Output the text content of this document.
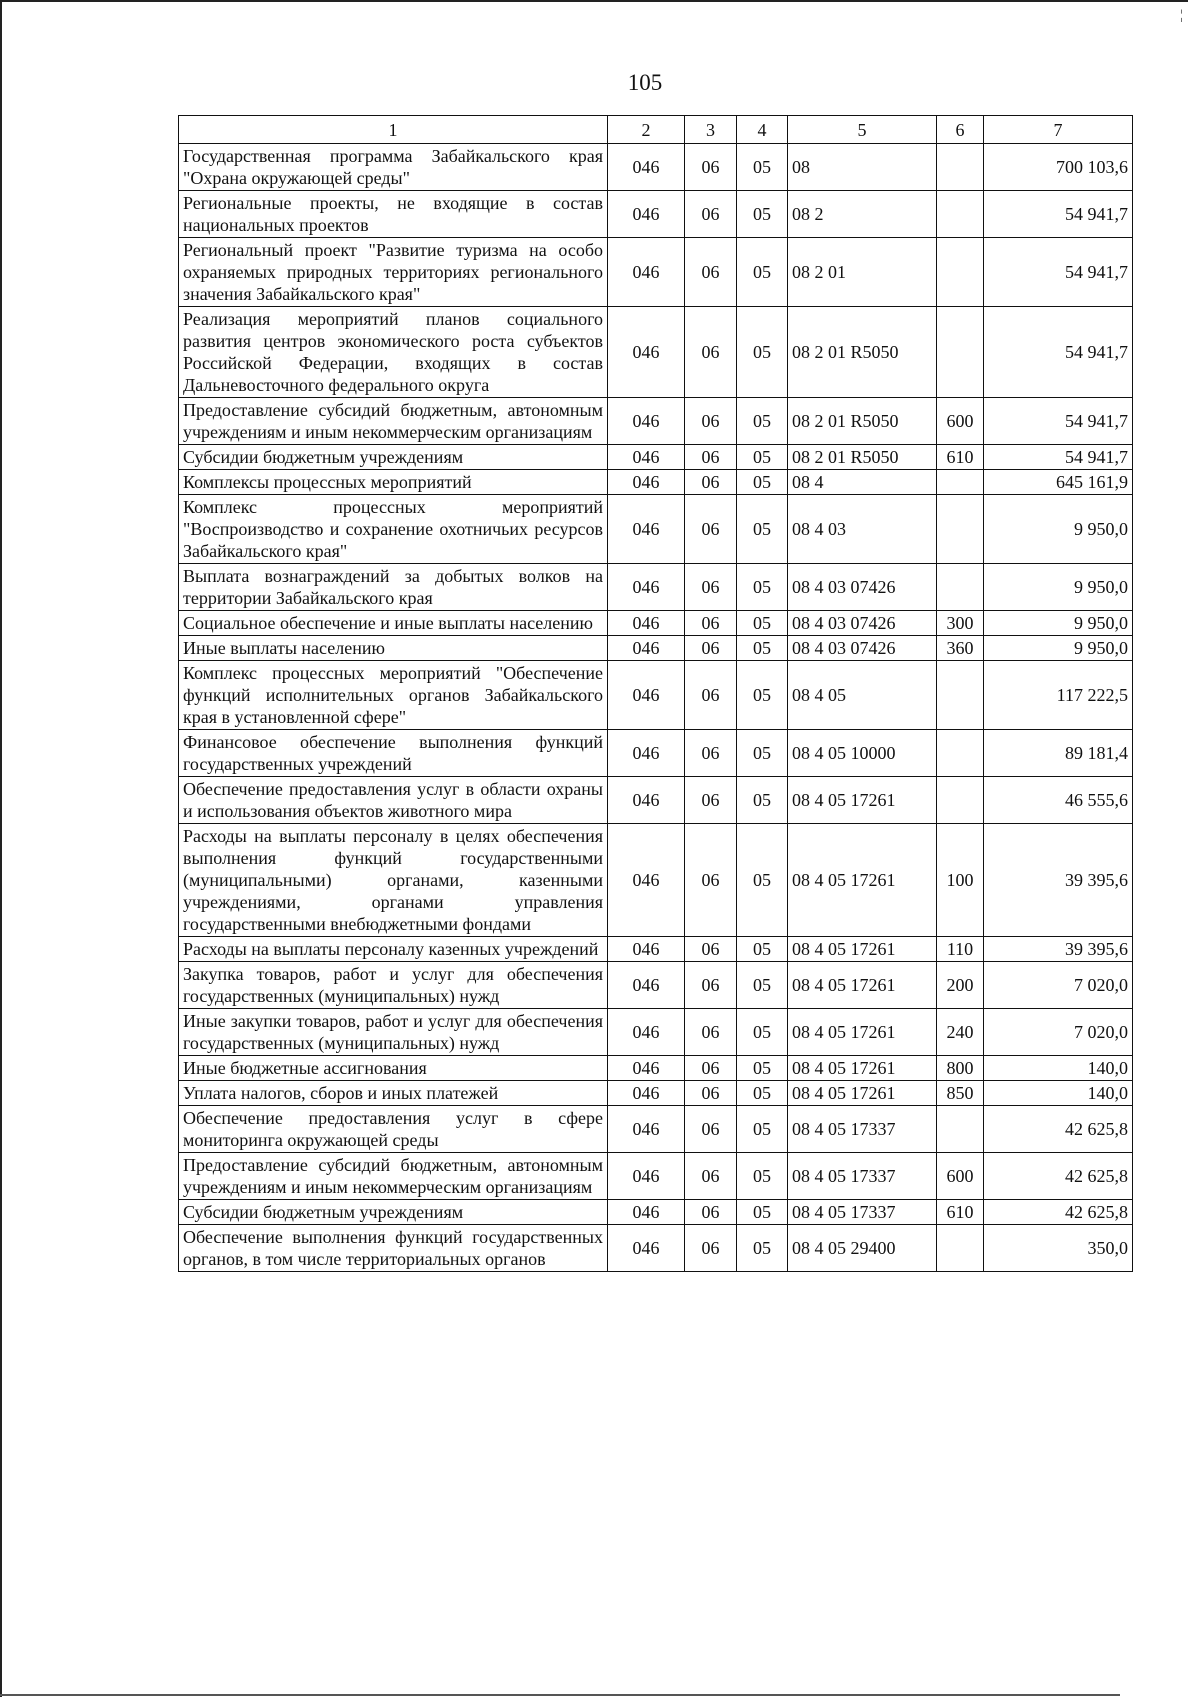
¦
105
1	2	3	4	5	6	7
Государственная программа Забайкальского края "Охрана окружающей среды"	046	06	05	08		700 103,6
Региональные проекты, не входящие в состав национальных проектов	046	06	05	08 2		54 941,7
Региональный проект "Развитие туризма на особо охраняемых природных территориях регионального значения Забайкальского края"	046	06	05	08 2 01		54 941,7
Реализация мероприятий планов социального развития центров экономического роста субъектов Российской Федерации, входящих в состав Дальневосточного федерального округа	046	06	05	08 2 01 R5050		54 941,7
Предоставление субсидий бюджетным, автономным учреждениям и иным некоммерческим организациям	046	06	05	08 2 01 R5050	600	54 941,7
Субсидии бюджетным учреждениям	046	06	05	08 2 01 R5050	610	54 941,7
Комплексы процессных мероприятий	046	06	05	08 4		645 161,9
Комплекс процессных мероприятий "Воспроизводство и сохранение охотничьих ресурсов Забайкальского края"	046	06	05	08 4 03		9 950,0
Выплата вознаграждений за добытых волков на территории Забайкальского края	046	06	05	08 4 03 07426		9 950,0
Социальное обеспечение и иные выплаты населению	046	06	05	08 4 03 07426	300	9 950,0
Иные выплаты населению	046	06	05	08 4 03 07426	360	9 950,0
Комплекс процессных мероприятий "Обеспечение функций исполнительных органов Забайкальского края в установленной сфере"	046	06	05	08 4 05		117 222,5
Финансовое обеспечение выполнения функций государственных учреждений	046	06	05	08 4 05 10000		89 181,4
Обеспечение предоставления услуг в области охраны и использования объектов животного мира	046	06	05	08 4 05 17261		46 555,6
Расходы на выплаты персоналу в целях обеспечения выполнения функций государственными (муниципальными) органами, казенными учреждениями, органами управления государственными внебюджетными фондами	046	06	05	08 4 05 17261	100	39 395,6
Расходы на выплаты персоналу казенных учреждений	046	06	05	08 4 05 17261	110	39 395,6
Закупка товаров, работ и услуг для обеспечения государственных (муниципальных) нужд	046	06	05	08 4 05 17261	200	7 020,0
Иные закупки товаров, работ и услуг для обеспечения государственных (муниципальных) нужд	046	06	05	08 4 05 17261	240	7 020,0
Иные бюджетные ассигнования	046	06	05	08 4 05 17261	800	140,0
Уплата налогов, сборов и иных платежей	046	06	05	08 4 05 17261	850	140,0
Обеспечение предоставления услуг в сфере мониторинга окружающей среды	046	06	05	08 4 05 17337		42 625,8
Предоставление субсидий бюджетным, автономным учреждениям и иным некоммерческим организациям	046	06	05	08 4 05 17337	600	42 625,8
Субсидии бюджетным учреждениям	046	06	05	08 4 05 17337	610	42 625,8
Обеспечение выполнения функций государственных органов, в том числе территориальных органов	046	06	05	08 4 05 29400		350,0
